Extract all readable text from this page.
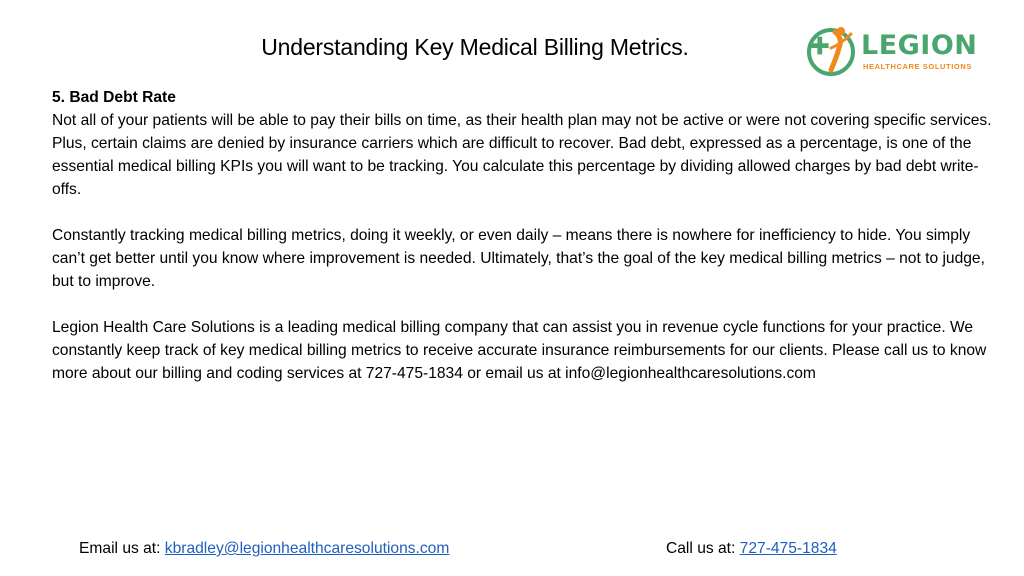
Understanding Key Medical Billing Metrics.	LEGION
HEALTHCARE SOLUTIONS

5. Bad Debt Rate
Not all of your patients will be able to pay their bills on time, as their health plan may not be active or were not covering specific services. Plus, certain claims are denied by insurance carriers which are difficult to recover. Bad debt, expressed as a percentage, is one of the essential medical billing KPIs you will want to be tracking. You calculate this percentage by dividing allowed charges by bad debt write-offs.

Constantly tracking medical billing metrics, doing it weekly, or even daily – means there is nowhere for inefficiency to hide. You simply can’t get better until you know where improvement is needed. Ultimately, that’s the goal of the key medical billing metrics – not to judge, but to improve.

Legion Health Care Solutions is a leading medical billing company that can assist you in revenue cycle functions for your practice. We constantly keep track of key medical billing metrics to receive accurate insurance reimbursements for our clients. Please call us to know more about our billing and coding services at 727-475-1834 or email us at info@legionhealthcaresolutions.com

Email us at: kbradley@legionhealthcaresolutions.com	Call us at: 727-475-1834
